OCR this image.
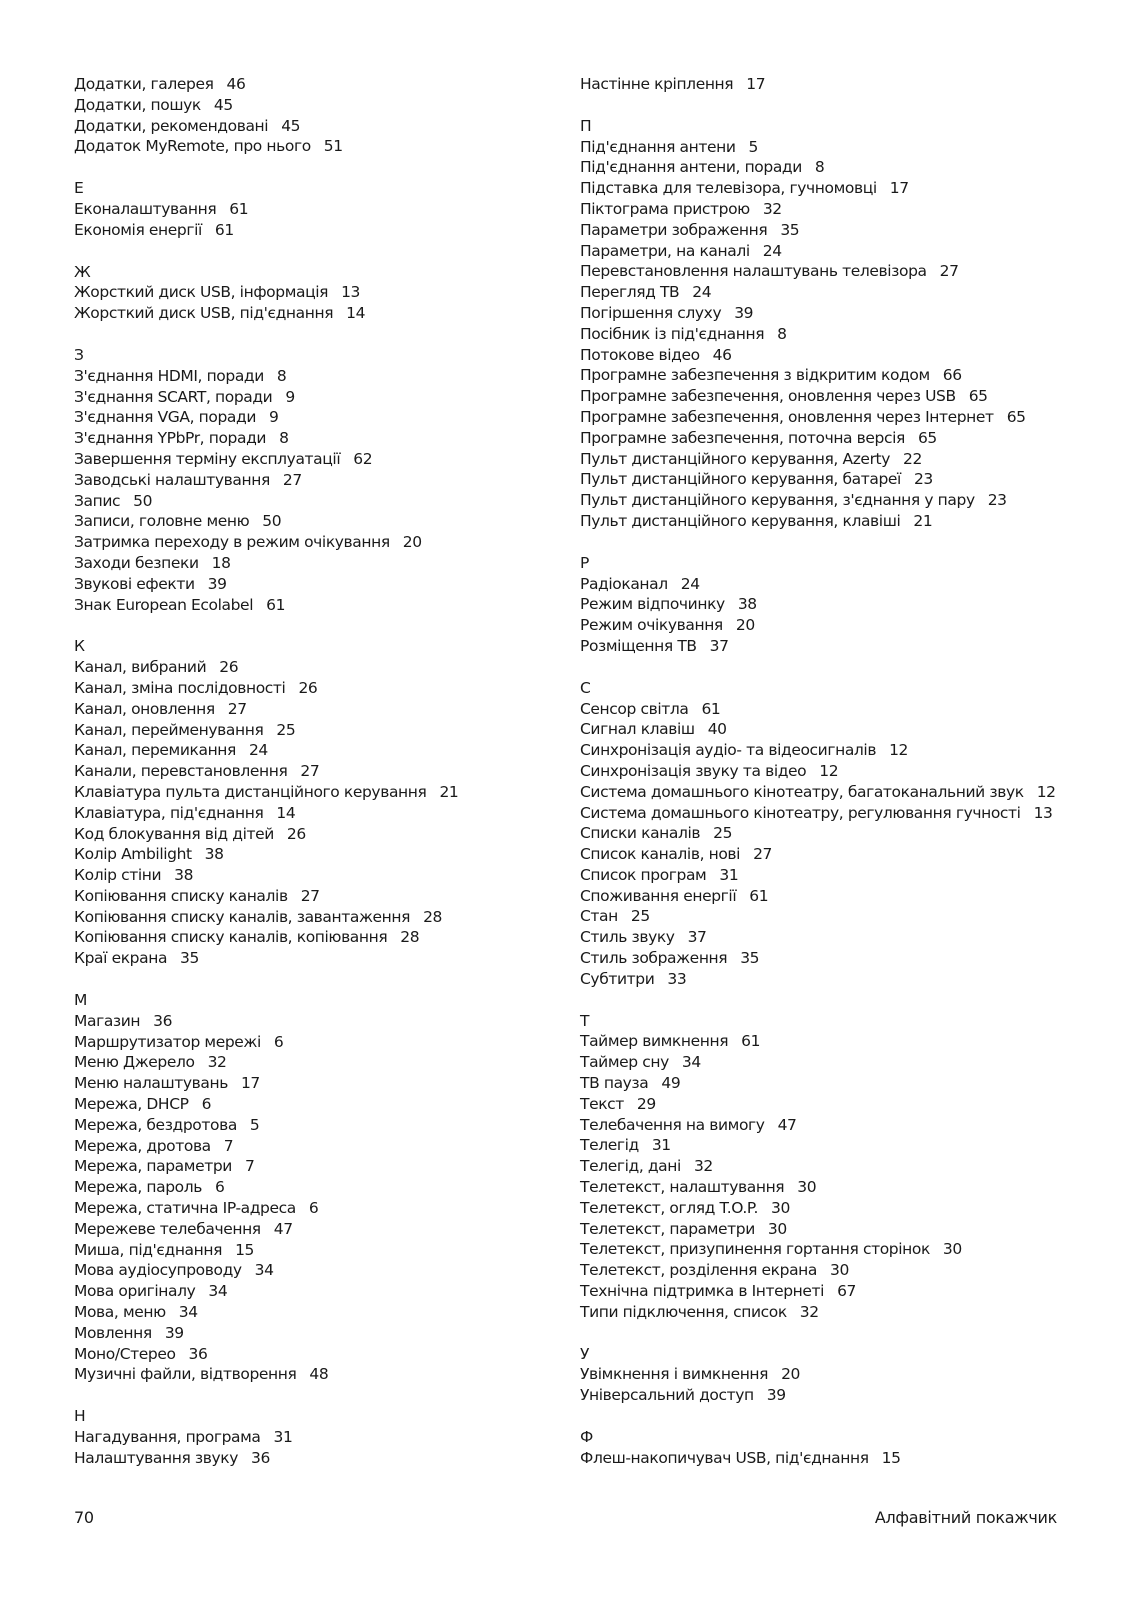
Додатки, галерея 46
Додатки, пошук 45
Додатки, рекомендовані 45
Додаток MyRemote, про нього 51
Е
Еконалаштування 61
Економія енергії 61
Ж
Жорсткий диск USB, інформація 13
Жорсткий диск USB, під'єднання 14
З
З'єднання HDMI, поради 8
З'єднання SCART, поради 9
З'єднання VGA, поради 9
З'єднання YPbPr, поради 8
Завершення терміну експлуатації 62
Заводські налаштування 27
Запис 50
Записи, головне меню 50
Затримка переходу в режим очікування 20
Заходи безпеки 18
Звукові ефекти 39
Знак European Ecolabel 61
К
Канал, вибраний 26
Канал, зміна послідовності 26
Канал, оновлення 27
Канал, перейменування 25
Канал, перемикання 24
Канали, перевстановлення 27
Клавіатура пульта дистанційного керування 21
Клавіатура, під'єднання 14
Код блокування від дітей 26
Колір Ambilight 38
Колір стіни 38
Копіювання списку каналів 27
Копіювання списку каналів, завантаження 28
Копіювання списку каналів, копіювання 28
Краї екрана 35
М
Магазин 36
Маршрутизатор мережі 6
Меню Джерело 32
Меню налаштувань 17
Мережа, DHCP 6
Мережа, бездротова 5
Мережа, дротова 7
Мережа, параметри 7
Мережа, пароль 6
Мережа, статична IP-адреса 6
Мережеве телебачення 47
Миша, під'єднання 15
Мова аудіосупроводу 34
Мова оригіналу 34
Мова, меню 34
Мовлення 39
Моно/Стерео 36
Музичні файли, відтворення 48
Н
Нагадування, програма 31
Налаштування звуку 36
Настінне кріплення 17
П
Під'єднання антени 5
Під'єднання антени, поради 8
Підставка для телевізора, гучномовці 17
Піктограма пристрою 32
Параметри зображення 35
Параметри, на каналі 24
Перевстановлення налаштувань телевізора 27
Перегляд ТВ 24
Погіршення слуху 39
Посібник із під'єднання 8
Потокове відео 46
Програмне забезпечення з відкритим кодом 66
Програмне забезпечення, оновлення через USB 65
Програмне забезпечення, оновлення через Інтернет 65
Програмне забезпечення, поточна версія 65
Пульт дистанційного керування, Azerty 22
Пульт дистанційного керування, батареї 23
Пульт дистанційного керування, з'єднання у пару 23
Пульт дистанційного керування, клавіші 21
Р
Радіоканал 24
Режим відпочинку 38
Режим очікування 20
Розміщення ТВ 37
С
Сенсор світла 61
Сигнал клавіш 40
Синхронізація аудіо- та відеосигналів 12
Синхронізація звуку та відео 12
Система домашнього кінотеатру, багатоканальний звук 12
Система домашнього кінотеатру, регулювання гучності 13
Списки каналів 25
Список каналів, нові 27
Список програм 31
Споживання енергії 61
Стан 25
Стиль звуку 37
Стиль зображення 35
Субтитри 33
Т
Таймер вимкнення 61
Таймер сну 34
ТВ пауза 49
Текст 29
Телебачення на вимогу 47
Телегід 31
Телегід, дані 32
Телетекст, налаштування 30
Телетекст, огляд T.O.P. 30
Телетекст, параметри 30
Телетекст, призупинення гортання сторінок 30
Телетекст, розділення екрана 30
Технічна підтримка в Інтернеті 67
Типи підключення, список 32
У
Увімкнення і вимкнення 20
Універсальний доступ 39
Ф
Флеш-накопичувач USB, під'єднання 15
70	Алфавітний покажчик
